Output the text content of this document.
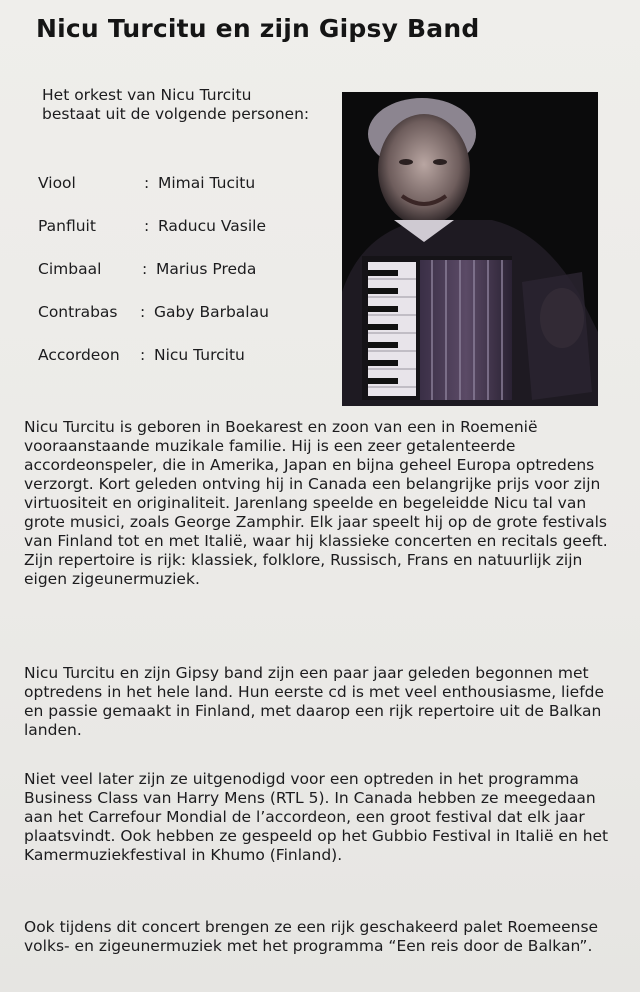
Nicu Turcitu en zijn Gipsy Band

Het orkest van Nicu Turcitu bestaat uit de volgende personen:

Viool	: Mimai Tucitu
Panfluit	: Raducu Vasile
Cimbaal	: Marius Preda
Contrabas : Gaby Barbalau
Accordeon : Nicu Turcitu

Nicu Turcitu is geboren in Boekarest en zoon van een in Roemenië vooraanstaande muzikale familie. Hij is een zeer getalenteerde accordeonspeler, die in Amerika, Japan en bijna geheel Europa optredens verzorgt. Kort geleden ontving hij in Canada een belangrijke prijs voor zijn virtuositeit en originaliteit. Jarenlang speelde en begeleidde Nicu tal van grote musici, zoals George Zamphir. Elk jaar speelt hij op de grote festivals van Finland tot en met Italië, waar hij klassieke concerten en recitals geeft. Zijn repertoire is rijk: klassiek, folklore, Russisch, Frans en natuurlijk zijn eigen zigeunermuziek.

Nicu Turcitu en zijn Gipsy band zijn een paar jaar geleden begonnen met optredens in het hele land. Hun eerste cd is met veel enthousiasme, liefde en passie gemaakt in Finland, met daarop een rijk repertoire uit de Balkan landen.

Niet veel later zijn ze uitgenodigd voor een optreden in het programma Business Class van Harry Mens (RTL 5). In Canada hebben ze meegedaan aan het Carrefour Mondial de l’accordeon, een groot festival dat elk jaar plaatsvindt. Ook hebben ze gespeeld op het Gubbio Festival in Italië en het Kamermuziekfestival in Khumo (Finland).

Ook tijdens dit concert brengen ze een rijk geschakeerd palet Roemeense volks- en zigeunermuziek met het programma “Een reis door de Balkan”.
